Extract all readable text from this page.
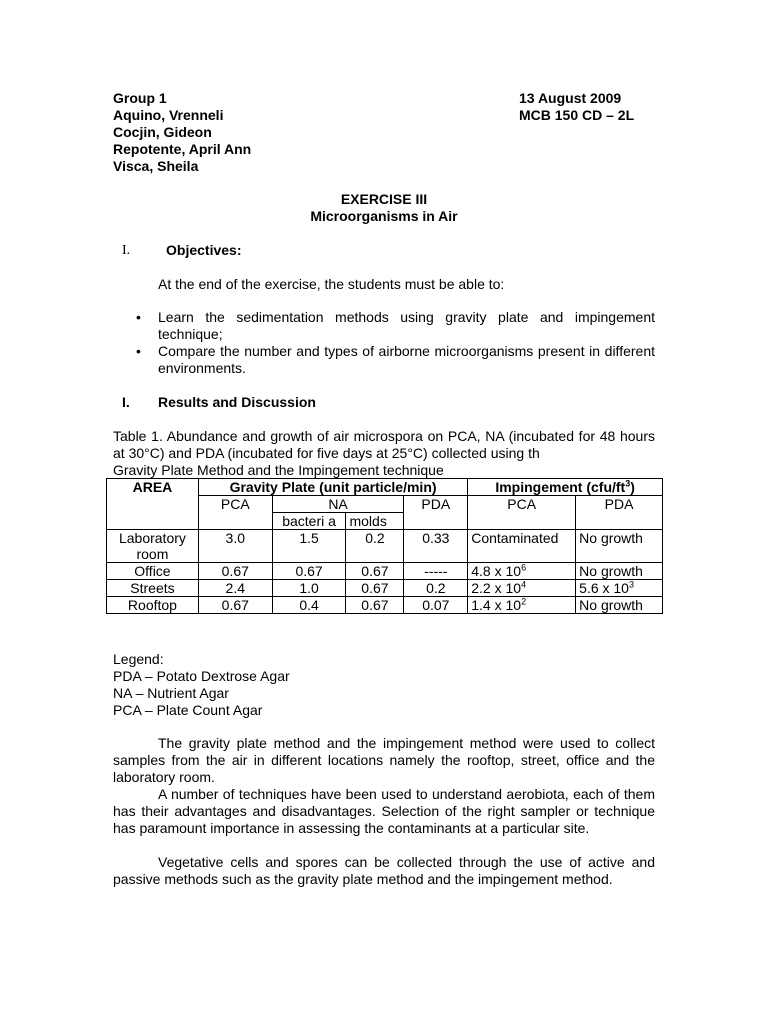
Group 1
Aquino, Vrenneli
Cocjin, Gideon
Repotente, April Ann
Visca, Sheila
13 August 2009
MCB 150 CD – 2L
EXERCISE III
Microorganisms in Air
I.	Objectives:
At the end of the exercise, the students must be able to:
• Learn the sedimentation methods using gravity plate and impingement technique;
• Compare the number and types of airborne microorganisms present in different environments.
I. Results and Discussion
Table 1. Abundance and growth of air microspora on PCA, NA (incubated for 48 hours at 30°C) and PDA (incubated for five days at 25°C) collected using th
Gravity Plate Method and the Impingement technique
AREA	Gravity Plate (unit particle/min)				Impingement $(cfu/ft^3)$	
	PCA	NA		PDA	PCA	PDA
		bacteri a	molds			
Laboratory room	3.0	1.5	0.2	0.33	Contaminated	No growth
Office	0.67	0.67	0.67	-----	4.8 x $10^6$	No growth
Streets	2.4	1.0	0.67	0.2	2.2 x $10^4$	5.6 x $10^3$
Rooftop	0.67	0.4	0.67	0.07	1.4 x $10^2$	No growth
Legend:
PDA – Potato Dextrose Agar
NA – Nutrient Agar
PCA – Plate Count Agar
The gravity plate method and the impingement method were used to collect samples from the air in different locations namely the rooftop, street, office and the laboratory room.
A number of techniques have been used to understand aerobiota, each of them has their advantages and disadvantages. Selection of the right sampler or technique has paramount importance in assessing the contaminants at a particular site.
Vegetative cells and spores can be collected through the use of active and passive methods such as the gravity plate method and the impingement method.
